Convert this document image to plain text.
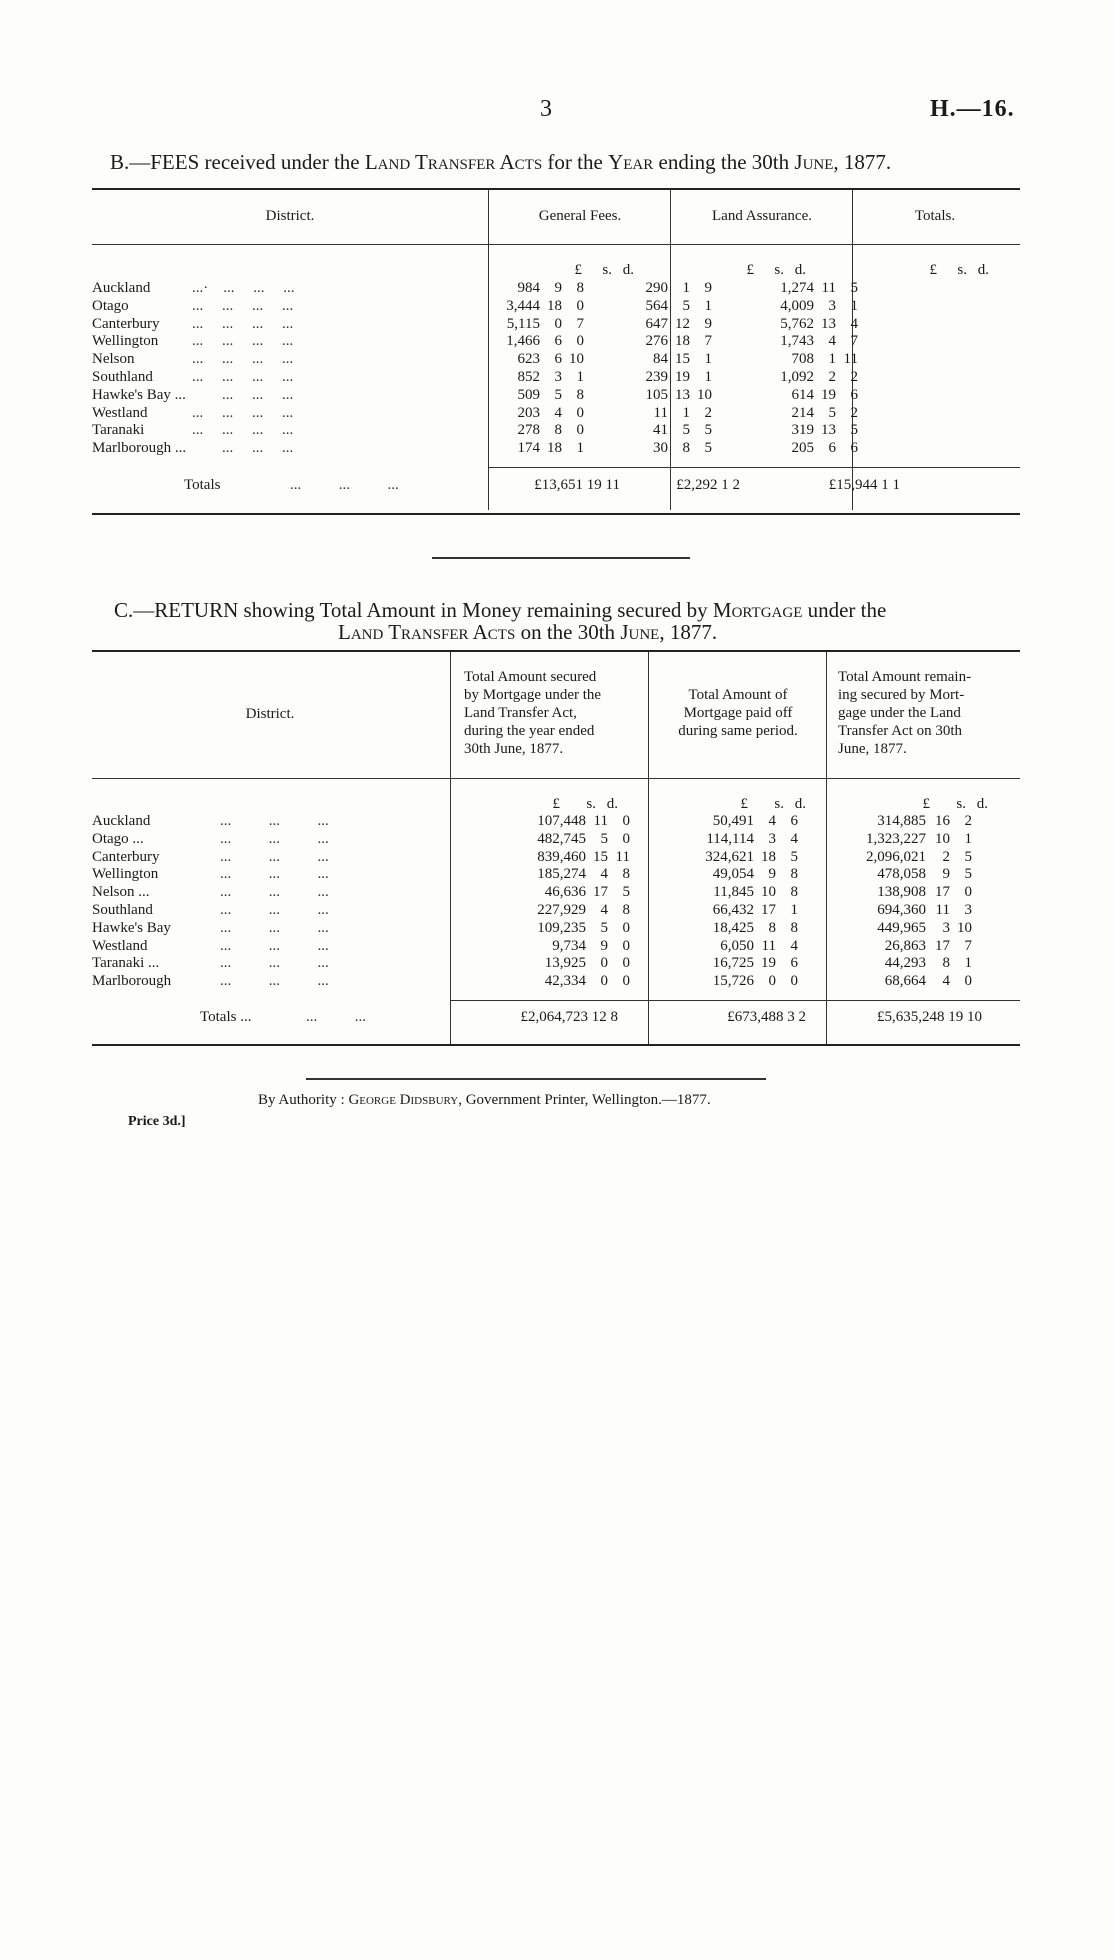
3	H.—16.
B.—FEES received under the Land Transfer Acts for the Year ending the 30th June, 1877.
District.	General Fees.	Land Assurance.	Totals.
£	s.	d.	£	s.	d.	£	s.	d.
Auckland	...·    ...     ...     ...	984	9	8	290	1	9	1,274	11	5
Otago	...     ...     ...     ...	3,444	18	0	564	5	1	4,009	3	1
Canterbury	...     ...     ...     ...	5,115	0	7	647	12	9	5,762	13	4
Wellington	...     ...     ...     ...	1,466	6	0	276	18	7	1,743	4	7
Nelson	...     ...     ...     ...	623	6	10	84	15	1	708	1	11
Southland	...     ...     ...     ...	852	3	1	239	19	1	1,092	2	2
Hawke's Bay ...	...     ...     ...	509	5	8	105	13	10	614	19	6
Westland	...     ...     ...     ...	203	4	0	11	1	2	214	5	2
Taranaki	...     ...     ...     ...	278	8	0	41	5	5	319	13	5
Marlborough ...	...     ...     ...	174	18	1	30	8	5	205	6	6
Totals	...          ...          ...	£13,651 19 11	£2,292 1 2	£15,944 1 1
C.—RETURN showing Total Amount in Money remaining secured by Mortgage under the
Land Transfer Acts on the 30th June, 1877.
District.
Total Amount secured
by Mortgage under the
Land Transfer Act,
during the year ended
30th June, 1877.
Total Amount of
Mortgage paid off
during same period.
Total Amount remain-
ing secured by Mort-
gage under the Land
Transfer Act on 30th
June, 1877.
£	s.	d.	£	s.	d.	£	s.	d.
Auckland	...          ...          ...	107,448	11	0	50,491	4	6	314,885	16	2
Otago ...	...          ...          ...	482,745	5	0	114,114	3	4	1,323,227	10	1
Canterbury	...          ...          ...	839,460	15	11	324,621	18	5	2,096,021	2	5
Wellington	...          ...          ...	185,274	4	8	49,054	9	8	478,058	9	5
Nelson ...	...          ...          ...	46,636	17	5	11,845	10	8	138,908	17	0
Southland	...          ...          ...	227,929	4	8	66,432	17	1	694,360	11	3
Hawke's Bay	...          ...          ...	109,235	5	0	18,425	8	8	449,965	3	10
Westland	...          ...          ...	9,734	9	0	6,050	11	4	26,863	17	7
Taranaki ...	...          ...          ...	13,925	0	0	16,725	19	6	44,293	8	1
Marlborough	...          ...          ...	42,334	0	0	15,726	0	0	68,664	4	0
Totals ...	...          ...	£2,064,723 12 8	£673,488 3 2	£5,635,248 19 10
By Authority : George Didsbury, Government Printer, Wellington.—1877.
Price 3d.]
